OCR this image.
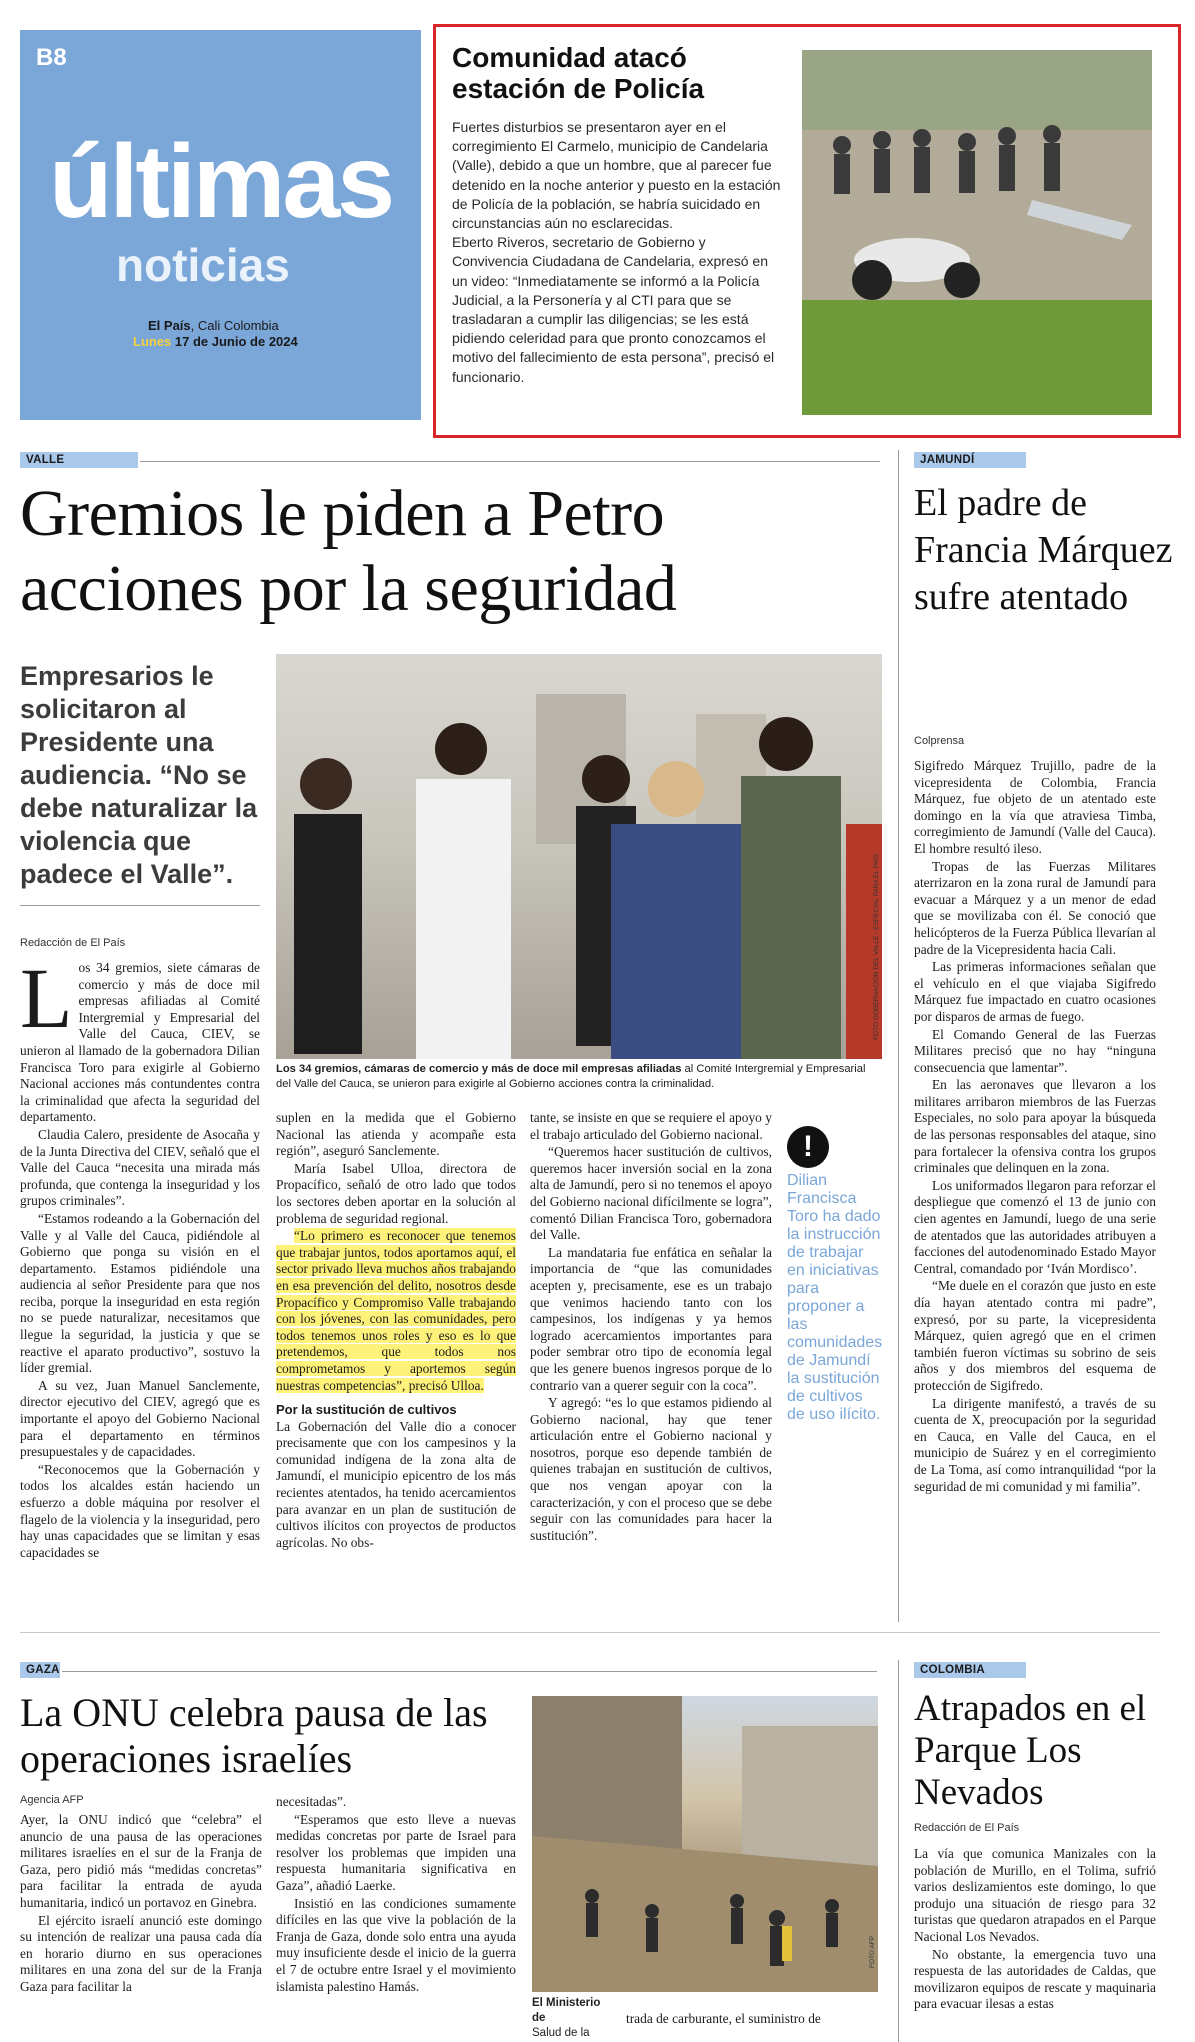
B8
últimas
noticias
El País, Cali Colombia
Lunes 17 de Junio de 2024
Comunidad atacó estación de Policía

Fuertes disturbios se presentaron ayer en el corregimiento El Carmelo, municipio de Candelaria (Valle), debido a que un hombre, que al parecer fue detenido en la noche anterior y puesto en la estación de Policía de la población, se habría suicidado en circunstancias aún no esclarecidas.

Eberto Riveros, secretario de Gobierno y Convivencia Ciudadana de Candelaria, expresó en un video: “Inmediatamente se informó a la Policía Judicial, a la Personería y al CTI para que se trasladaran a cumplir las diligencias; se les está pidiendo celeridad para que pronto conozcamos el motivo del fallecimiento de esta persona”, precisó el funcionario.

VALLE
Gremios le piden a Petro acciones por la seguridad
Empresarios le solicitaron al Presidente una audiencia. “No se debe naturalizar la violencia que padece el Valle”.
Redacción de El País	FOTO GOBERNACIÓN DEL VALLE - ESPECIAL PARA EL PAÍS
Los 34 gremios, cámaras de comercio y más de doce mil empresas afiliadas al Comité Intergremial y Empresarial del Valle del Cauca, se unieron para exigirle al Gobierno acciones contra la criminalidad.
L os 34 gremios, siete cámaras de comercio y más de doce mil empresas afiliadas al Comité Intergremial y Empresarial del Valle del Cauca, CIEV, se unieron al llamado de la gobernadora Dilian Francisca Toro para exigirle al Gobierno Nacional acciones más contundentes contra la criminalidad que afecta la seguridad del departamento.

Claudia Calero, presidente de Asocaña y de la Junta Directiva del CIEV, señaló que el Valle del Cauca “necesita una mirada más profunda, que contenga la inseguridad y los grupos criminales”.

“Estamos rodeando a la Gobernación del Valle y al Valle del Cauca, pidiéndole al Gobierno que ponga su visión en el departamento. Estamos pidiéndole una audiencia al señor Presidente para que nos reciba, porque la inseguridad en esta región no se puede naturalizar, necesitamos que llegue la seguridad, la justicia y que se reactive el aparato productivo”, sostuvo la líder gremial.

A su vez, Juan Manuel Sanclemente, director ejecutivo del CIEV, agregó que es importante el apoyo del Gobierno Nacional para el departamento en términos presupuestales y de capacidades.

“Reconocemos que la Gobernación y todos los alcaldes están haciendo un esfuerzo a doble máquina por resolver el flagelo de la violencia y la inseguridad, pero hay unas capacidades que se limitan y esas capacidades se

suplen en la medida que el Gobierno Nacional las atienda y acompañe esta región”, aseguró Sanclemente.

María Isabel Ulloa, directora de Propacífico, señaló de otro lado que todos los sectores deben aportar en la solución al problema de seguridad regional.

“Lo primero es reconocer que tenemos que trabajar juntos, todos aportamos aquí, el sector privado lleva muchos años trabajando en esa prevención del delito, nosotros desde Propacífico y Compromiso Valle trabajando con los jóvenes, con las comunidades, pero todos tenemos unos roles y eso es lo que pretendemos, que todos nos comprometamos y aportemos según nuestras competencias”, precisó Ulloa.

Por la sustitución de cultivos

La Gobernación del Valle dio a conocer precisamente que con los campesinos y la comunidad indígena de la zona alta de Jamundí, el municipio epicentro de los más recientes atentados, ha tenido acercamientos para avanzar en un plan de sustitución de cultivos ilícitos con proyectos de productos agrícolas. No obs-

tante, se insiste en que se requiere el apoyo y el trabajo articulado del Gobierno nacional.

“Queremos hacer sustitución de cultivos, queremos hacer inversión social en la zona alta de Jamundí, pero si no tenemos el apoyo del Gobierno nacional difícilmente se logra”, comentó Dilian Francisca Toro, gobernadora del Valle.

La mandataria fue enfática en señalar la importancia de “que las comunidades acepten y, precisamente, ese es un trabajo que venimos haciendo tanto con los campesinos, los indígenas y ya hemos logrado acercamientos importantes para poder sembrar otro tipo de economía legal que les genere buenos ingresos porque de lo contrario van a querer seguir con la coca”.

Y agregó: “es lo que estamos pidiendo al Gobierno nacional, hay que tener articulación entre el Gobierno nacional y nosotros, porque eso depende también de quienes trabajan en sustitución de cultivos, que nos vengan apoyar con la caracterización, y con el proceso que se debe seguir con las comunidades para hacer la sustitución”.

!
Dilian Francisca Toro ha dado la instrucción de trabajar en iniciativas para proponer a las comunidades de Jamundí la sustitución de cultivos de uso ilícito.
JAMUNDÍ
El padre de Francia Márquez sufre atentado
Colprensa

Sigifredo Márquez Trujillo, padre de la vicepresidenta de Colombia, Francia Márquez, fue objeto de un atentado este domingo en la vía que atraviesa Timba, corregimiento de Jamundí (Valle del Cauca). El hombre resultó ileso.

Tropas de las Fuerzas Militares aterrizaron en la zona rural de Jamundí para evacuar a Márquez y a un menor de edad que se movilizaba con él. Se conoció que helicópteros de la Fuerza Pública llevarían al padre de la Vicepresidenta hacia Cali.

Las primeras informaciones señalan que el vehículo en el que viajaba Sigifredo Márquez fue impactado en cuatro ocasiones por disparos de armas de fuego.

El Comando General de las Fuerzas Militares precisó que no hay “ninguna consecuencia que lamentar”.

En las aeronaves que llevaron a los militares arribaron miembros de las Fuerzas Especiales, no solo para apoyar la búsqueda de las personas responsables del ataque, sino para fortalecer la ofensiva contra los grupos criminales que delinquen en la zona.

Los uniformados llegaron para reforzar el despliegue que comenzó el 13 de junio con cien agentes en Jamundí, luego de una serie de atentados que las autoridades atribuyen a facciones del autodenominado Estado Mayor Central, comandado por ‘Iván Mordisco’.

“Me duele en el corazón que justo en este día hayan atentado contra mi padre”, expresó, por su parte, la vicepresidenta Márquez, quien agregó que en el crimen también fueron víctimas su sobrino de seis años y dos miembros del esquema de protección de Sigifredo.

La dirigente manifestó, a través de su cuenta de X, preocupación por la seguridad en Cauca, en Valle del Cauca, en el municipio de Suárez y en el corregimiento de La Toma, así como intranquilidad “por la seguridad de mi comunidad y mi familia”.

GAZA
La ONU celebra pausa de las operaciones israelíes
Agencia AFP

Ayer, la ONU indicó que “celebra” el anuncio de una pausa de las operaciones militares israelíes en el sur de la Franja de Gaza, pero pidió más “medidas concretas” para facilitar la entrada de ayuda humanitaria, indicó un portavoz en Ginebra.

El ejército israelí anunció este domingo su intención de realizar una pausa cada día en horario diurno en sus operaciones militares en una zona del sur de la Franja Gaza para facilitar la

necesitadas”.

“Esperamos que esto lleve a nuevas medidas concretas por parte de Israel para resolver los problemas que impiden una respuesta humanitaria significativa en Gaza”, añadió Laerke.

Insistió en las condiciones sumamente difíciles en las que vive la población de la Franja de Gaza, donde solo entra una ayuda muy insuficiente desde el inicio de la guerra el 7 de octubre entre Israel y el movimiento islamista palestino Hamás.

FOTO AFP
El Ministerio de
Salud de la
trada de carburante, el suministro de
COLOMBIA
Atrapados en el Parque Los Nevados
Redacción de El País

La vía que comunica Manizales con la población de Murillo, en el Tolima, sufrió varios deslizamientos este domingo, lo que produjo una situación de riesgo para 32 turistas que quedaron atrapados en el Parque Nacional Los Nevados.

No obstante, la emergencia tuvo una respuesta de las autoridades de Caldas, que movilizaron equipos de rescate y maquinaria para evacuar ilesas a estas
